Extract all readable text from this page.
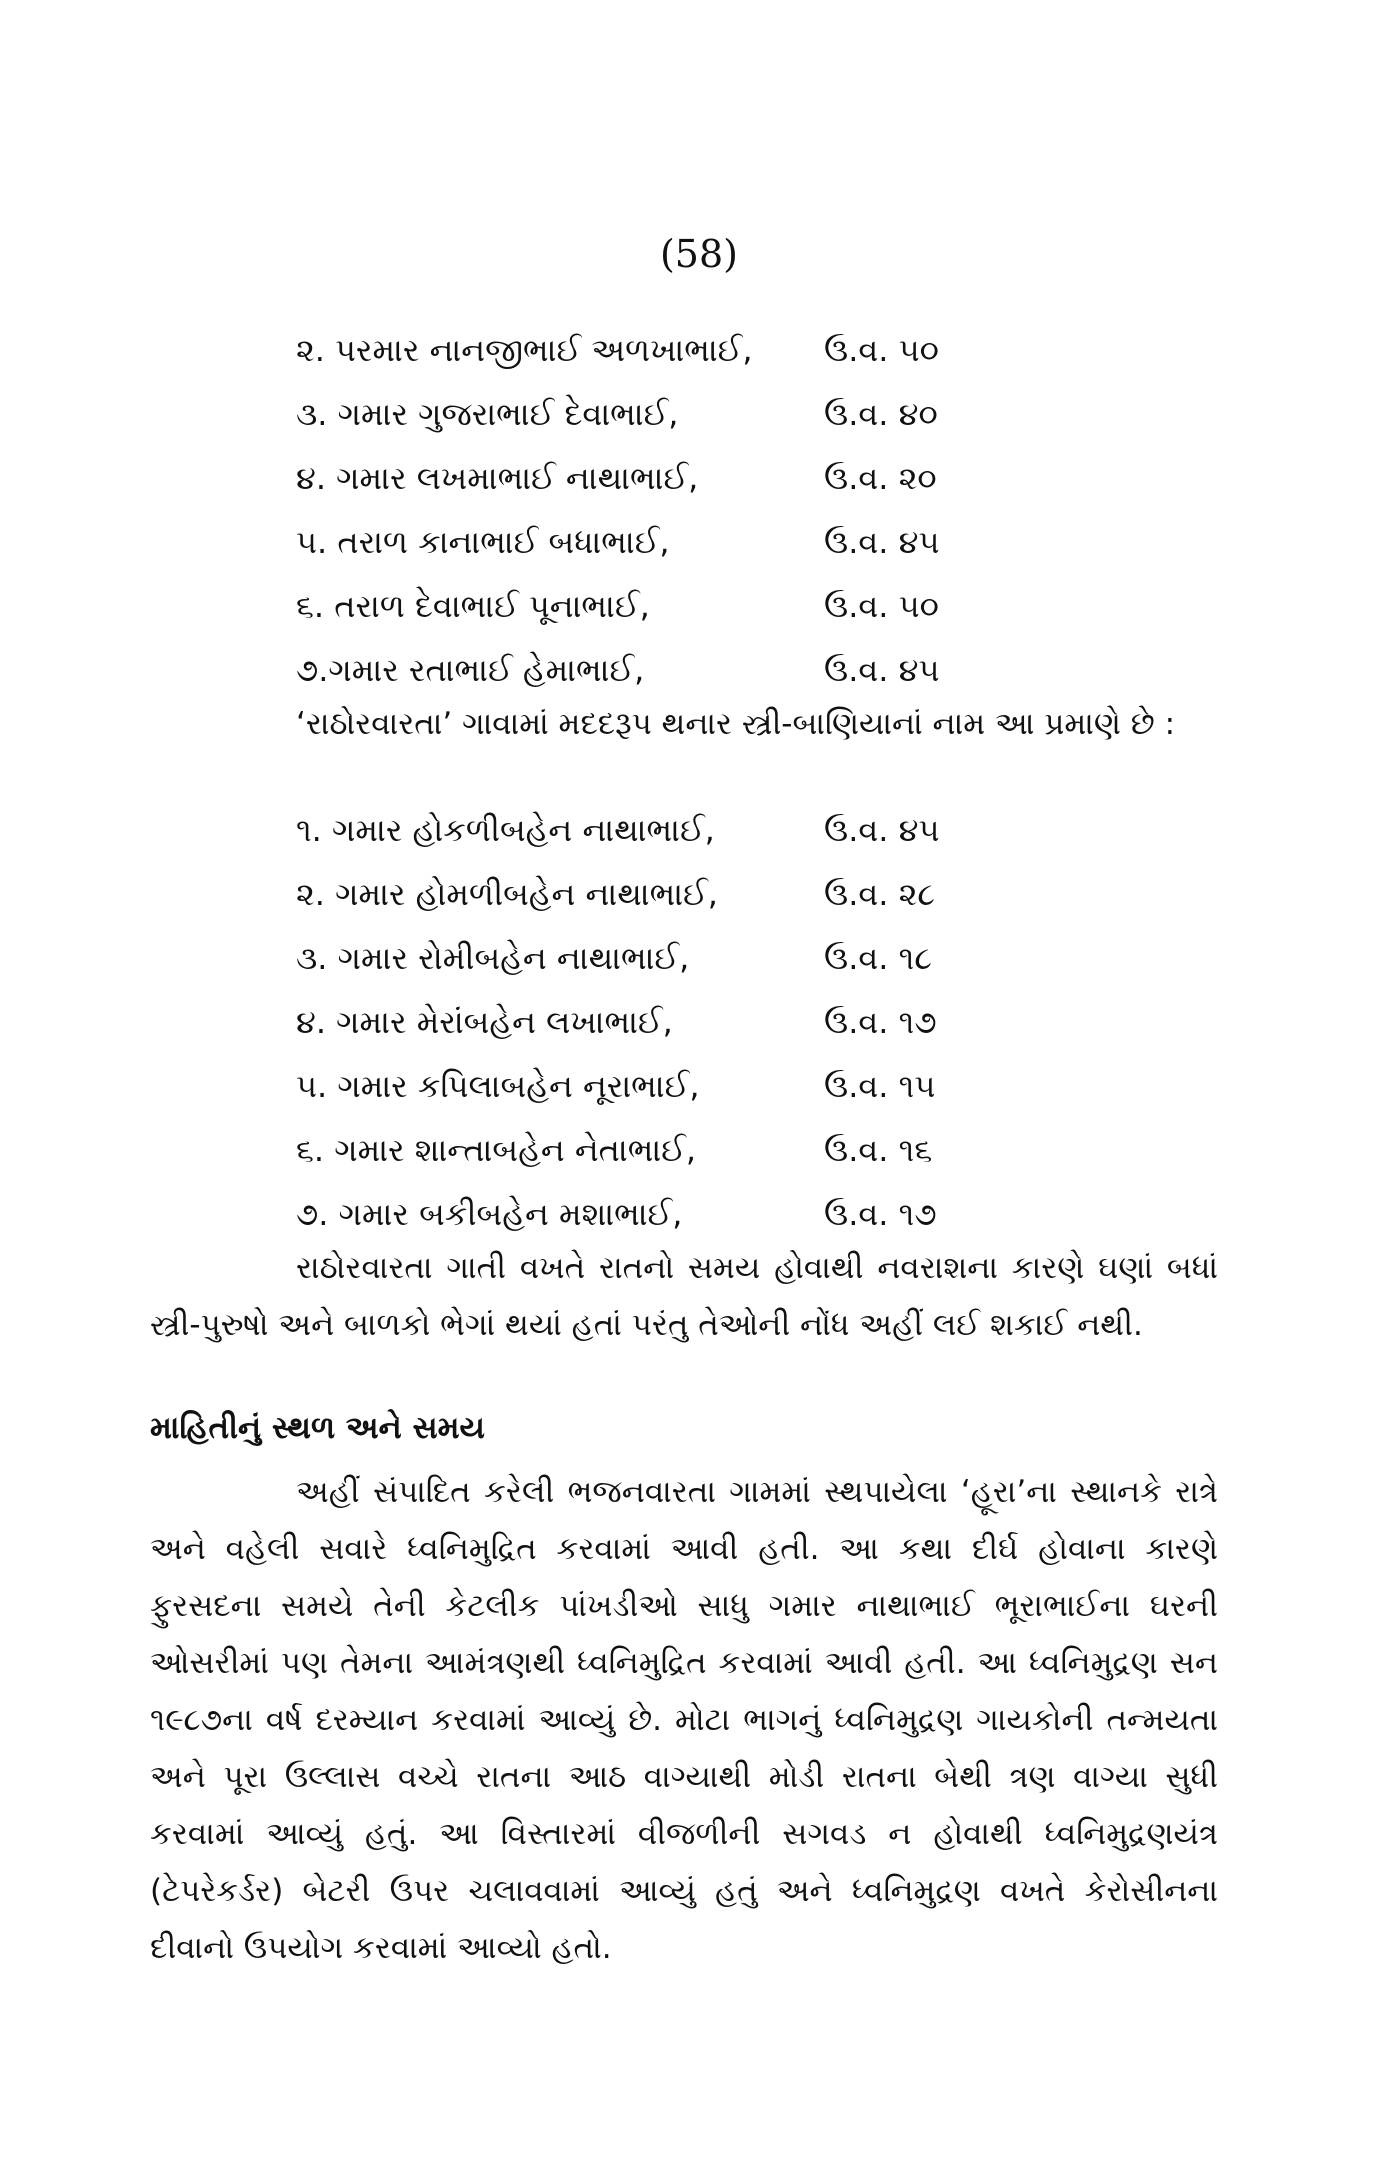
(58)
૨. પરમાર નાનજીભાઈ અળખાભાઈ, ઉ.વ. ૫૦
૩. ગમાર ગુજરાભાઈ દેવાભાઈ,	ઉ.વ. ૪૦
૪. ગમાર લખમાભાઈ નાથાભાઈ,	ઉ.વ. ૨૦
૫. તરાળ કાનાભાઈ બધાભાઈ,	ઉ.વ. ૪૫
૬. તરાળ દેવાભાઈ પૂનાભાઈ,	ઉ.વ. ૫૦
૭.ગમાર રતાભાઈ હેમાભાઈ,	ઉ.વ. ૪૫

‘રાઠોરવારતા’ ગાવામાં મદદરૂપ થનાર સ્ત્રી-બાણિયાનાં નામ આ પ્રમાણે છે :

૧. ગમાર હોકળીબહેન નાથાભાઈ,	ઉ.વ. ૪૫
૨. ગમાર હોમળીબહેન નાથાભાઈ,	ઉ.વ. ૨૮
૩. ગમાર રોમીબહેન નાથાભાઈ,	ઉ.વ. ૧૮
૪. ગમાર મેરાંબહેન લખાભાઈ,	ઉ.વ. ૧૭
૫. ગમાર કપિલાબહેન નૂરાભાઈ,	ઉ.વ. ૧૫
૬. ગમાર શાન્તાબહેન નેતાભાઈ,	ઉ.વ. ૧૬
૭. ગમાર બકીબહેન મશાભાઈ,	ઉ.વ. ૧૭

રાઠોરવારતા ગાતી વખતે રાતનો સમય હોવાથી નવરાશના કારણે ઘણાં બધાં સ્ત્રી-પુરુષો અને બાળકો ભેગાં થયાં હતાં પરંતુ તેઓની નોંધ અહીં લઈ શકાઈ નથી.

માહિતીનું સ્થળ અને સમય

અહીં સંપાદિત કરેલી ભજનવારતા ગામમાં સ્થપાયેલા ‘હૂરા’ના સ્થાનકે રાત્રે અને વહેલી સવારે ધ્વનિમુદ્રિત કરવામાં આવી હતી. આ કથા દીર્ઘ હોવાના કારણે ફુરસદના સમયે તેની કેટલીક પાંખડીઓ સાધુ ગમાર નાથાભાઈ ભૂરાભાઈના ઘરની ઓસરીમાં પણ તેમના આમંત્રણથી ધ્વનિમુદ્રિત કરવામાં આવી હતી. આ ધ્વનિમુદ્રણ સન ૧૯૮૭ના વર્ષ દરમ્યાન કરવામાં આવ્યું છે. મોટા ભાગનું ધ્વનિમુદ્રણ ગાયકોની તન્મયતા અને પૂરા ઉલ્લાસ વચ્ચે રાતના આઠ વાગ્યાથી મોડી રાતના બેથી ત્રણ વાગ્યા સુધી કરવામાં આવ્યું હતું. આ વિસ્તારમાં વીજળીની સગવડ ન હોવાથી ધ્વનિમુદ્રણયંત્ર (ટેપરેકર્ડર) બેટરી ઉપર ચલાવવામાં આવ્યું હતું અને ધ્વનિમુદ્રણ વખતે કેરોસીનના દીવાનો ઉપયોગ કરવામાં આવ્યો હતો.
